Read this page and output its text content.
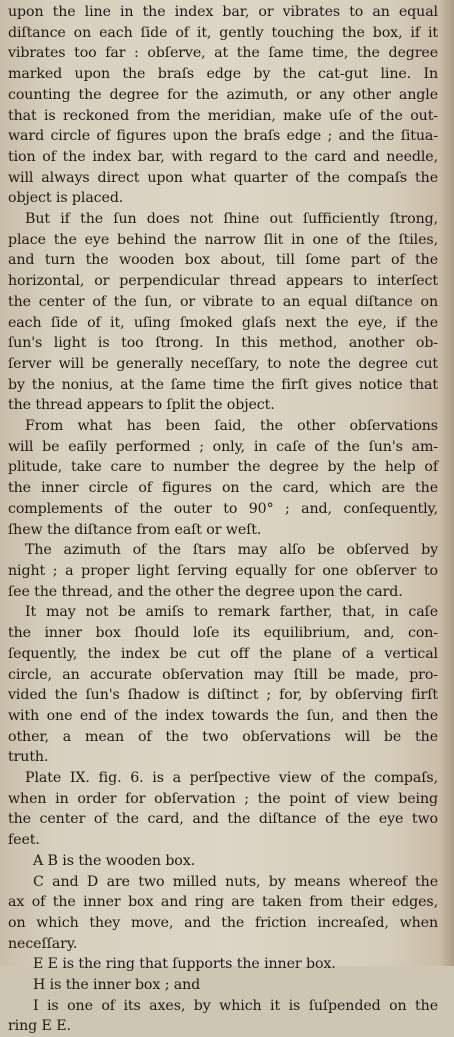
upon the line in the index bar, or vibrates to an equal
diſtance on each ſide of it, gently touching the box, if it
vibrates too far : obſerve, at the ſame time, the degree
marked upon the braſs edge by the cat-gut line. In
counting the degree for the azimuth, or any other angle
that is reckoned from the meridian, make uſe of the out-
ward circle of figures upon the braſs edge ; and the ſitua-
tion of the index bar, with regard to the card and needle,
will always direct upon what quarter of the compaſs the
object is placed.
But if the ſun does not ſhine out ſufficiently ſtrong,
place the eye behind the narrow ſlit in one of the ſtiles,
and turn the wooden box about, till ſome part of the
horizontal, or perpendicular thread appears to interſect
the center of the ſun, or vibrate to an equal diſtance on
each ſide of it, uſing ſmoked glaſs next the eye, if the
ſun's light is too ſtrong. In this method, another ob-
ſerver will be generally neceſſary, to note the degree cut
by the nonius, at the ſame time the firſt gives notice that
the thread appears to ſplit the object.
From what has been ſaid, the other obſervations
will be eaſily performed ; only, in caſe of the ſun's am-
plitude, take care to number the degree by the help of
the inner circle of figures on the card, which are the
complements of the outer to 90° ; and, conſequently,
ſhew the diſtance from eaſt or weſt.
The azimuth of the ſtars may alſo be obſerved by
night ; a proper light ſerving equally for one obſerver to
ſee the thread, and the other the degree upon the card.
It may not be amiſs to remark farther, that, in caſe
the inner box ſhould loſe its equilibrium, and, con-
ſequently, the index be cut off the plane of a vertical
circle, an accurate obſervation may ſtill be made, pro-
vided the ſun's ſhadow is diſtinct ; for, by obſerving firſt
with one end of the index towards the ſun, and then the
other, a mean of the two obſervations will be the
truth.
Plate IX. fig. 6. is a perſpective view of the compaſs,
when in order for obſervation ; the point of view being
the center of the card, and the diſtance of the eye two
feet.
A B is the wooden box.
C and D are two milled nuts, by means whereof the
ax of the inner box and ring are taken from their edges,
on which they move, and the friction increaſed, when
neceſſary.
E E is the ring that ſupports the inner box.
H is the inner box ; and
I is one of its axes, by which it is ſuſpended on the
ring E E.
